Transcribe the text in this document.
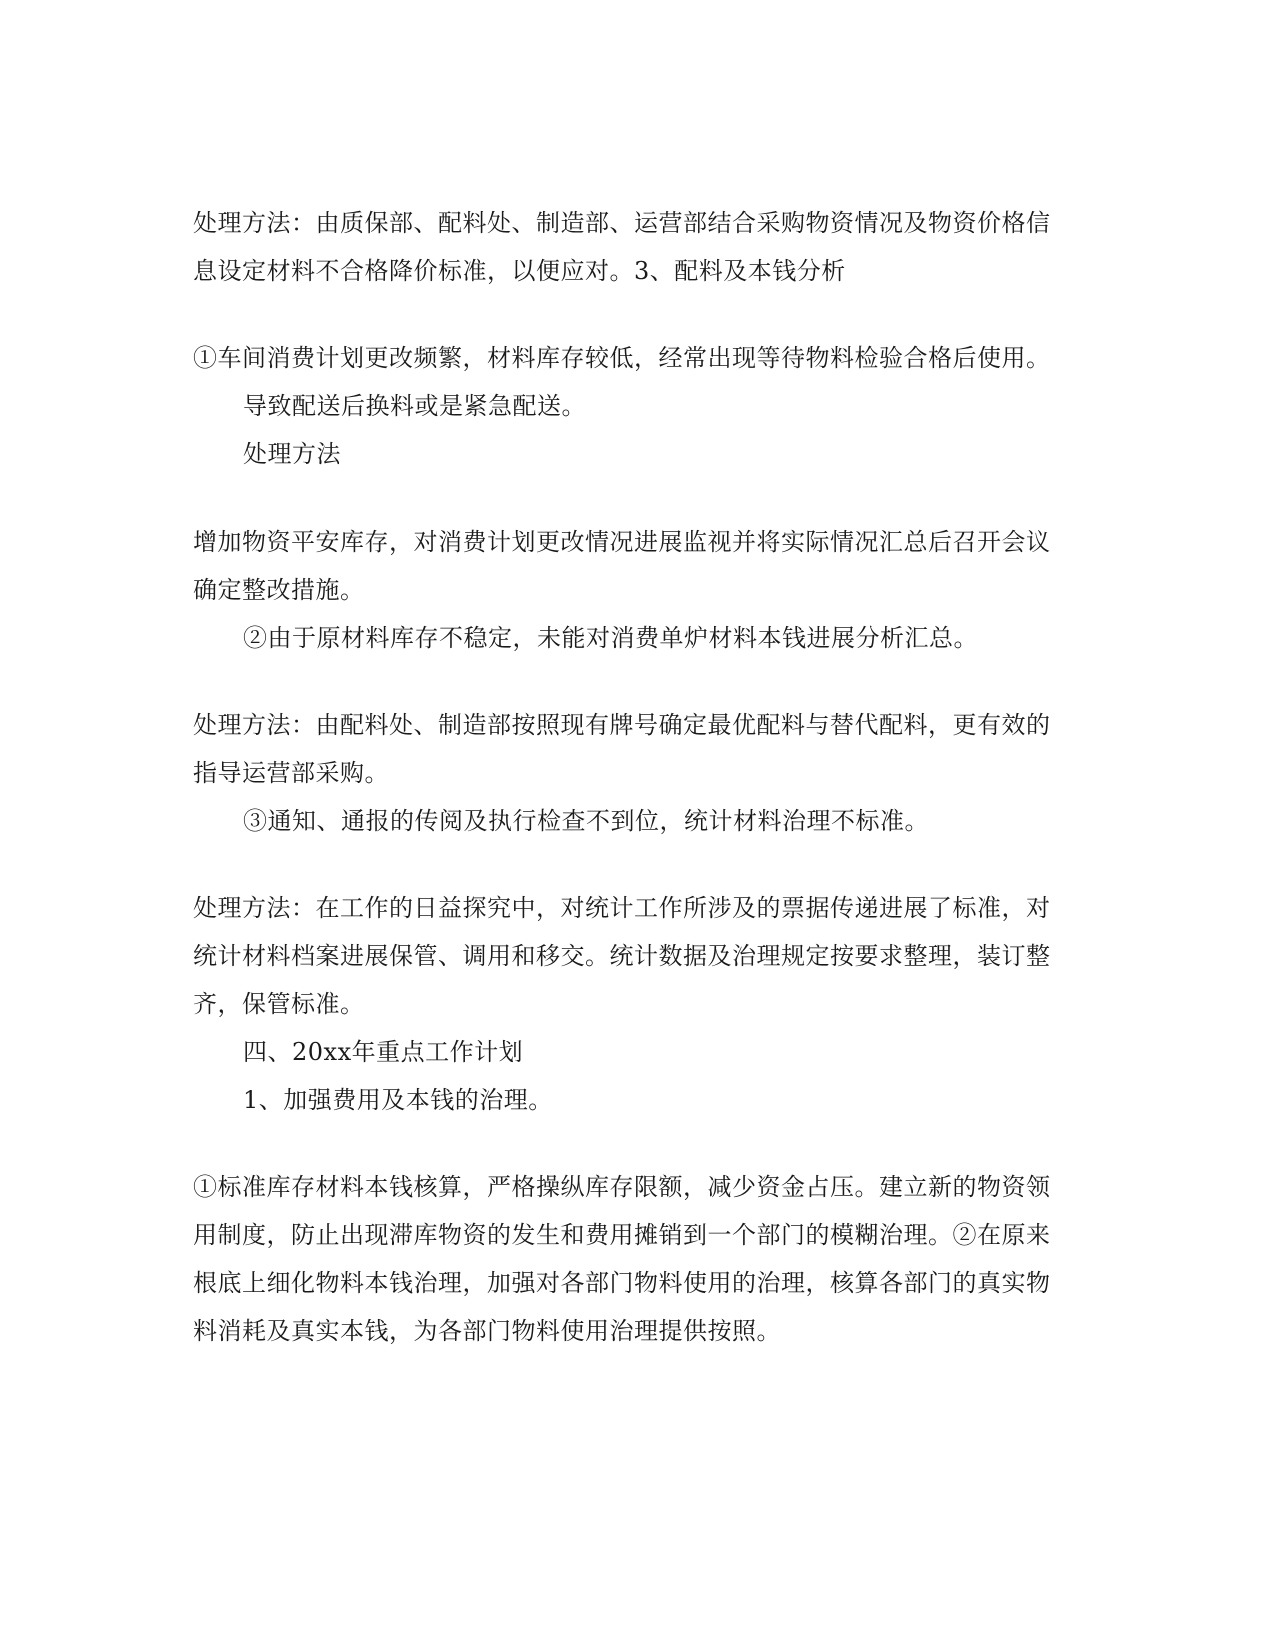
处理方法：由质保部、配料处、制造部、运营部结合采购物资情况及物资价格信
息设定材料不合格降价标准，以便应对。3、配料及本钱分析
①车间消费计划更改频繁，材料库存较低，经常出现等待物料检验合格后使用。
导致配送后换料或是紧急配送。
处理方法
增加物资平安库存，对消费计划更改情况进展监视并将实际情况汇总后召开会议
确定整改措施。
②由于原材料库存不稳定，未能对消费单炉材料本钱进展分析汇总。
处理方法：由配料处、制造部按照现有牌号确定最优配料与替代配料，更有效的
指导运营部采购。
③通知、通报的传阅及执行检查不到位，统计材料治理不标准。
处理方法：在工作的日益探究中，对统计工作所涉及的票据传递进展了标准，对
统计材料档案进展保管、调用和移交。统计数据及治理规定按要求整理，装订整
齐，保管标准。
四、20xx年重点工作计划
1、加强费用及本钱的治理。
①标准库存材料本钱核算，严格操纵库存限额，减少资金占压。建立新的物资领
用制度，防止出现滞库物资的发生和费用摊销到一个部门的模糊治理。②在原来
根底上细化物料本钱治理，加强对各部门物料使用的治理，核算各部门的真实物
料消耗及真实本钱，为各部门物料使用治理提供按照。
